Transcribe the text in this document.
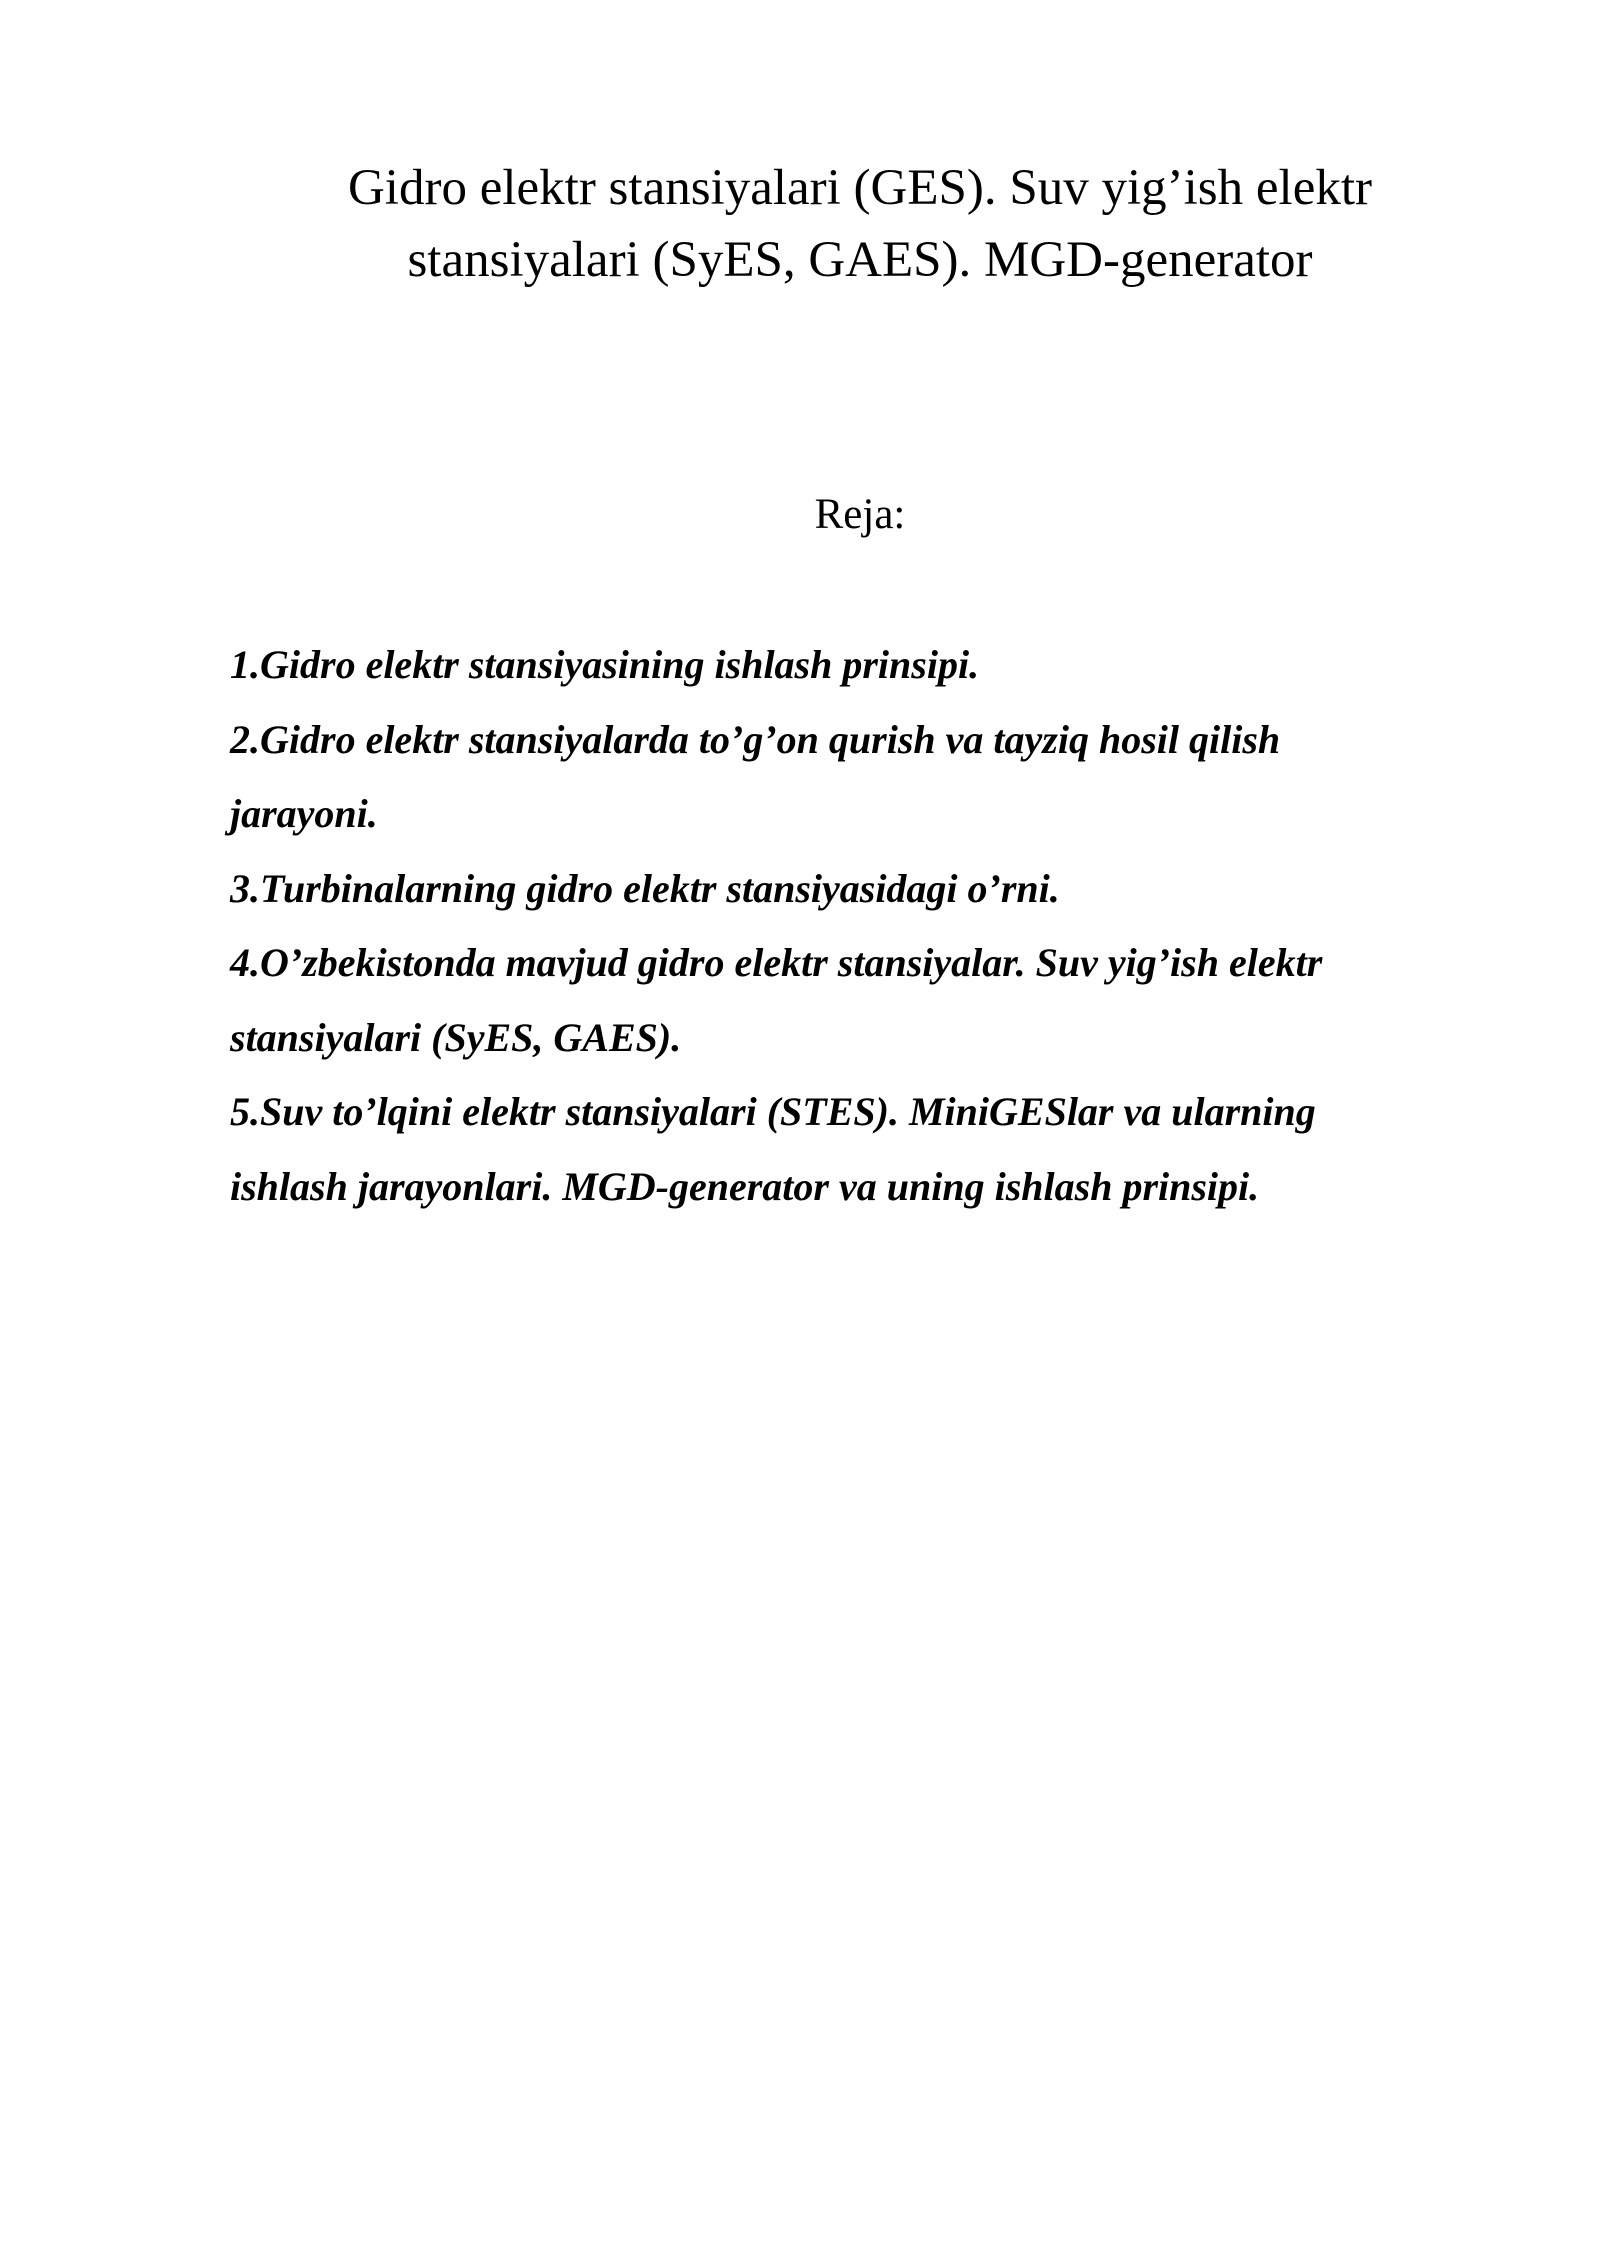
Gidro elektr stansiyalari (GES). Suv yig’ish elektr
stansiyalari (SyES, GAES). MGD-generator
Reja:
1.Gidro elektr stansiyasining ishlash prinsipi.
2.Gidro elektr stansiyalarda to’g’on qurish va tayziq hosil qilish
jarayoni.
3.Turbinalarning gidro elektr stansiyasidagi o’rni.
4.O’zbekistonda mavjud gidro elektr stansiyalar. Suv yig’ish elektr
stansiyalari (SyES, GAES).
5.Suv to’lqini elektr stansiyalari (STES). MiniGESlar va ularning
ishlash jarayonlari. MGD-generator va uning ishlash prinsipi.
